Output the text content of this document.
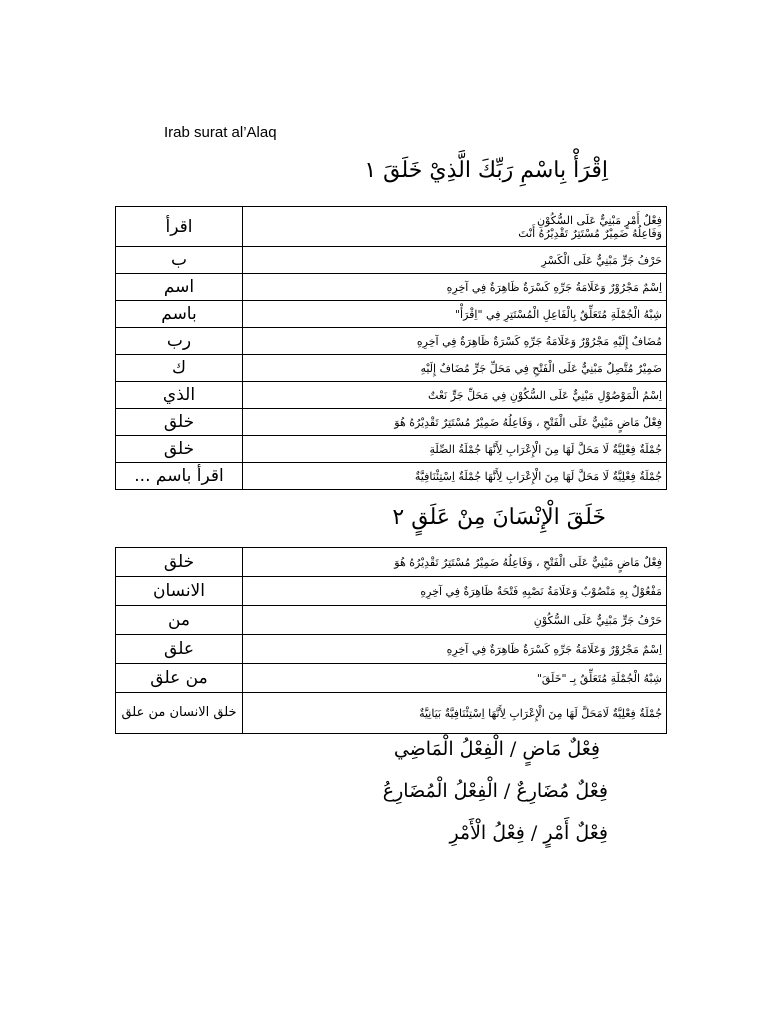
Irab surat al’Alaq
اِقْرَأْ بِاسْمِ رَبِّكَ الَّذِيْ خَلَقَ ١
اقرأ	فِعْلٌ أَمْرٍ مَبْنِيٌّ عَلَى السُّكُوْنِ
وَفَاعِلُهُ ضَمِيْرٌ مُسْتَتِرٌ تَقْدِيْرُهُ أَنْتَ

ب	حَرْفُ جَرٍّ مَبْنِيٌّ عَلَى الْكَسْرِ

اسم	اِسْمٌ مَجْرُوْرٌ وَعَلَامَةُ جَرِّهِ كَسْرَةٌ ظَاهِرَةٌ فِي آخِرِهِ

باسم	شِبْهُ الْجُمْلَةِ مُتَعَلِّقٌ بِالْفَاعِلِ الْمُسْتَتِرِ فِي "اِقْرَأْ"

رب	مُضَافٌ إِلَيْهِ مَجْرُوْرٌ وَعَلَامَةُ جَرِّهِ كَسْرَةٌ ظَاهِرَةٌ فِي آخِرِهِ

ك	ضَمِيْرٌ مُتَّصِلٌ مَبْنِيٌّ عَلَى الْفَتْحِ فِي مَحَلِّ جَرٍّ مُضَافٌ إِلَيْهِ

الذي	اِسْمُ الْمَوْصُوْلِ مَبْنِيٌّ عَلَى السُّكُوْنِ فِي مَحَلِّ جَرٍّ نَعْتٌ

خلق	فِعْلٌ مَاضٍ مَبْنِيٌّ عَلَى الْفَتْحِ ، وَفَاعِلُهُ ضَمِيْرٌ مُسْتَتِرٌ تَقْدِيْرُهُ هُوَ

خلق	جُمْلَةٌ فِعْلِيَّةٌ لَا مَحَلَّ لَهَا مِنَ الْإِعْرَابِ لِأَنَّهَا جُمْلَةُ الصِّلَةِ

اقرأ باسم ...	جُمْلَةٌ فِعْلِيَّةٌ لَا مَحَلَّ لَهَا مِنَ الْإِعْرَابِ لِأَنَّهَا جُمْلَةٌ اِسْتِئْنَافِيَّةٌ
خَلَقَ الْإِنْسَانَ مِنْ عَلَقٍ ٢
خلق	فِعْلٌ مَاضٍ مَبْنِيٌّ عَلَى الْفَتْحِ ، وَفَاعِلُهُ ضَمِيْرٌ مُسْتَتِرٌ تَقْدِيْرُهُ هُوَ

الانسان	مَفْعُوْلٌ بِهِ مَنْصُوْبٌ وَعَلَامَةُ نَصْبِهِ فَتْحَةٌ ظَاهِرَةٌ فِي آخِرِهِ

من	حَرْفُ جَرٍّ مَبْنِيٌّ عَلَى السُّكُوْنِ

علق	اِسْمٌ مَجْرُوْرٌ وَعَلَامَةُ جَرِّهِ كَسْرَةٌ ظَاهِرَةٌ فِي آخِرِهِ

من علق	شِبْهُ الْجُمْلَةِ مُتَعَلِّقٌ بِـ "خَلَقَ"

خلق الانسان من علق	جُمْلَةٌ فِعْلِيَّةٌ لَامَحَلَّ لَهَا مِنَ الْإِعْرَابِ لِأَنَّهَا اِسْتِئْنَافِيَّةٌ بَيَانِيَّةٌ
فِعْلٌ مَاضٍ / الْفِعْلُ الْمَاضِي
فِعْلٌ مُضَارِعٌ / الْفِعْلُ الْمُضَارِعُ
فِعْلٌ أَمْرٍ / فِعْلُ الْأَمْرِ
